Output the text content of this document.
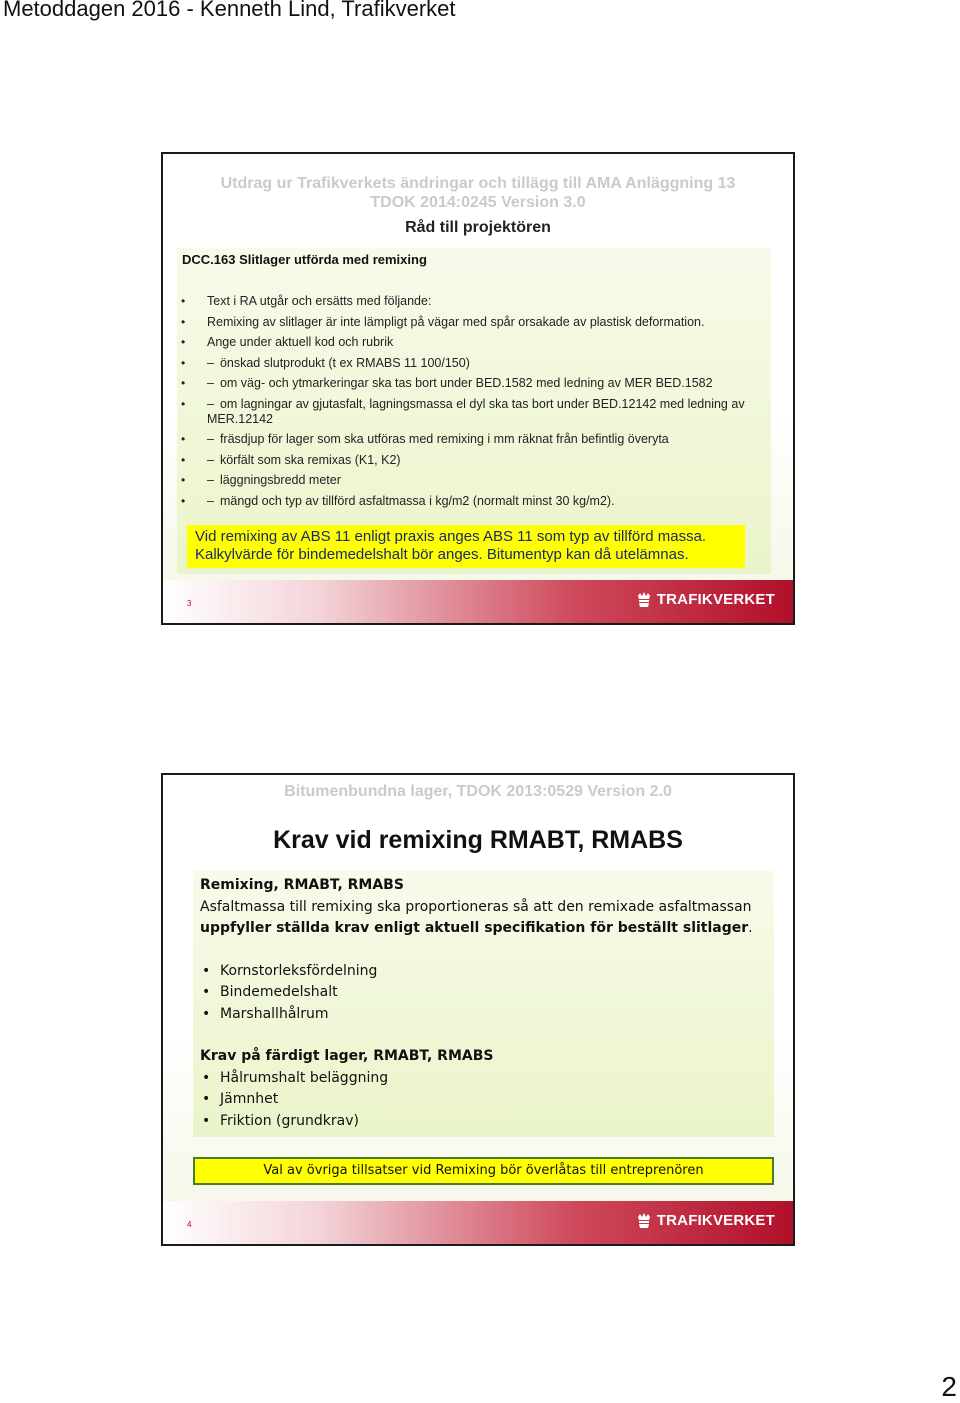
Metoddagen 2016 - Kenneth Lind, Trafikverket
Utdrag ur Trafikverkets ändringar och tillägg till AMA Anläggning 13
TDOK 2014:0245 Version 3.0
Råd till projektören
DCC.163 Slitlager utförda med remixing
• Text i RA utgår och ersätts med följande:
• Remixing av slitlager är inte lämpligt på vägar med spår orsakade av plastisk deformation.
• Ange under aktuell kod och rubrik
• – önskad slutprodukt (t ex RMABS 11 100/150)
• – om väg- och ytmarkeringar ska tas bort under BED.1582 med ledning av MER BED.1582
• – om lagningar av gjutasfalt, lagningsmassa el dyl ska tas bort under BED.12142 med ledning av MER.12142
• – fräsdjup för lager som ska utföras med remixing i mm räknat från befintlig överyta
• – körfält som ska remixas (K1, K2)
• – läggningsbredd meter
• – mängd och typ av tillförd asfaltmassa i kg/m2 (normalt minst 30 kg/m2).
Vid remixing av ABS 11 enligt praxis anges ABS 11 som typ av tillförd massa.
Kalkylvärde för bindemedelshalt bör anges. Bitumentyp kan då utelämnas.
3	TRAFIKVERKET
Bitumenbundna lager, TDOK 2013:0529 Version 2.0
Krav vid remixing RMABT, RMABS
Remixing, RMABT, RMABS
Asfaltmassa till remixing ska proportioneras så att den remixade asfaltmassan
uppfyller ställda krav enligt aktuell specifikation för beställt slitlager.
• Kornstorleksfördelning
• Bindemedelshalt
• Marshallhålrum
Krav på färdigt lager, RMABT, RMABS
• Hålrumshalt beläggning
• Jämnhet
• Friktion (grundkrav)
Val av övriga tillsatser vid Remixing bör överlåtas till entreprenören
4	TRAFIKVERKET
2
